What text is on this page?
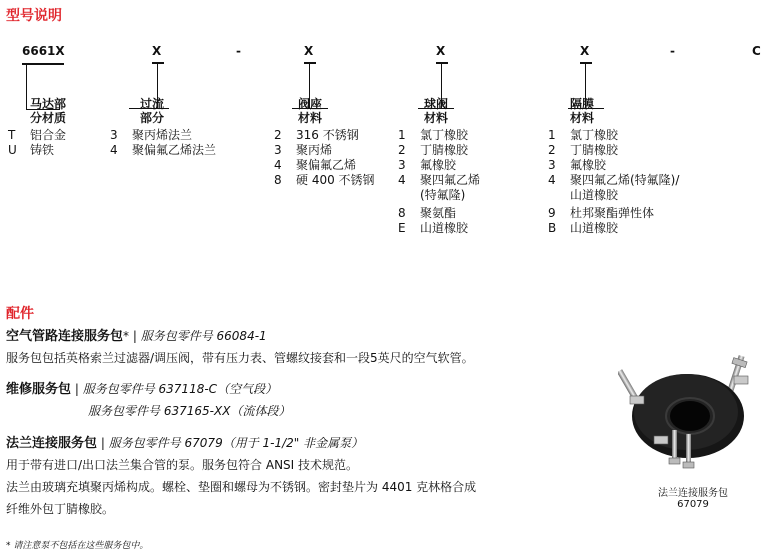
型号说明
6661X	X	-	X	X	X	-	C
马达部
分材质
过流
部分
阀座
材料
球阀
材料
隔膜
材料
T 铝合金
U 铸铁
3 聚丙烯法兰
4 聚偏氟乙烯法兰
2 316 不锈钢
3 聚丙烯
4 聚偏氟乙烯
8 硬 400 不锈钢
1 氯丁橡胶
2 丁腈橡胶
3 氟橡胶
4 聚四氟乙烯
(特氟隆)
8 聚氨酯
E 山道橡胶
1 氯丁橡胶
2 丁腈橡胶
3 氟橡胶
4 聚四氟乙烯(特氟隆)/
山道橡胶
9 杜邦聚酯弹性体
B 山道橡胶
配件
空气管路连接服务包* | 服务包零件号 66084-1
服务包包括英格索兰过滤器/调压阀，带有压力表、管螺纹接套和一段5英尺的空气软管。
维修服务包 | 服务包零件号 637118-C（空气段）
服务包零件号 637165-XX（流体段）
法兰连接服务包 | 服务包零件号 67079（用于 1-1/2" 非金属泵）
用于带有进口/出口法兰集合管的泵。服务包符合 ANSI 技术规范。
法兰由玻璃充填聚丙烯构成。螺栓、垫圈和螺母为不锈钢。密封垫片为 4401 克林格合成
纤维外包丁腈橡胶。
* 请注意泵不包括在这些服务包中。
法兰连接服务包
67079
